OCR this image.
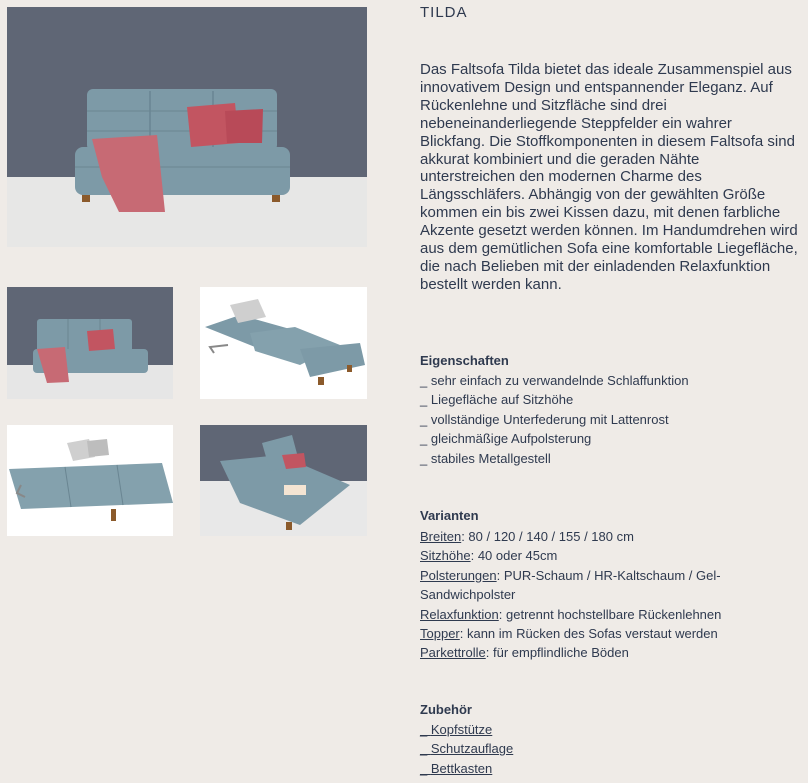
TILDA

Das Faltsofa Tilda bietet das ideale Zusammenspiel aus innovativem Design und entspannender Eleganz. Auf Rückenlehne und Sitzfläche sind drei nebeneinanderliegende Steppfelder ein wahrer Blickfang. Die Stoffkomponenten in diesem Faltsofa sind akkurat kombiniert und die geraden Nähte unterstreichen den modernen Charme des Längsschläfers. Abhängig von der gewählten Größe kommen ein bis zwei Kissen dazu, mit denen farbliche Akzente gesetzt werden können. Im Handumdrehen wird aus dem gemütlichen Sofa eine komfortable Liegefläche, die nach Belieben mit der einladenden Relaxfunktion bestellt werden kann.

Eigenschaften
_ sehr einfach zu verwandelnde Schlaffunktion
_ Liegefläche auf Sitzhöhe
_ vollständige Unterfederung mit Lattenrost
_ gleichmäßige Aufpolsterung
_ stabiles Metallgestell
Varianten
Breiten: 80 / 120 / 140 / 155 / 180 cm
Sitzhöhe: 40 oder 45cm
Polsterungen: PUR-Schaum / HR-Kaltschaum / Gel-Sandwichpolster
Relaxfunktion: getrennt hochstellbare Rückenlehnen
Topper: kann im Rücken des Sofas verstaut werden
Parkettrolle: für empflindliche Böden
Zubehör
_ Kopfstütze
_ Schutzauflage
_ Bettkasten
